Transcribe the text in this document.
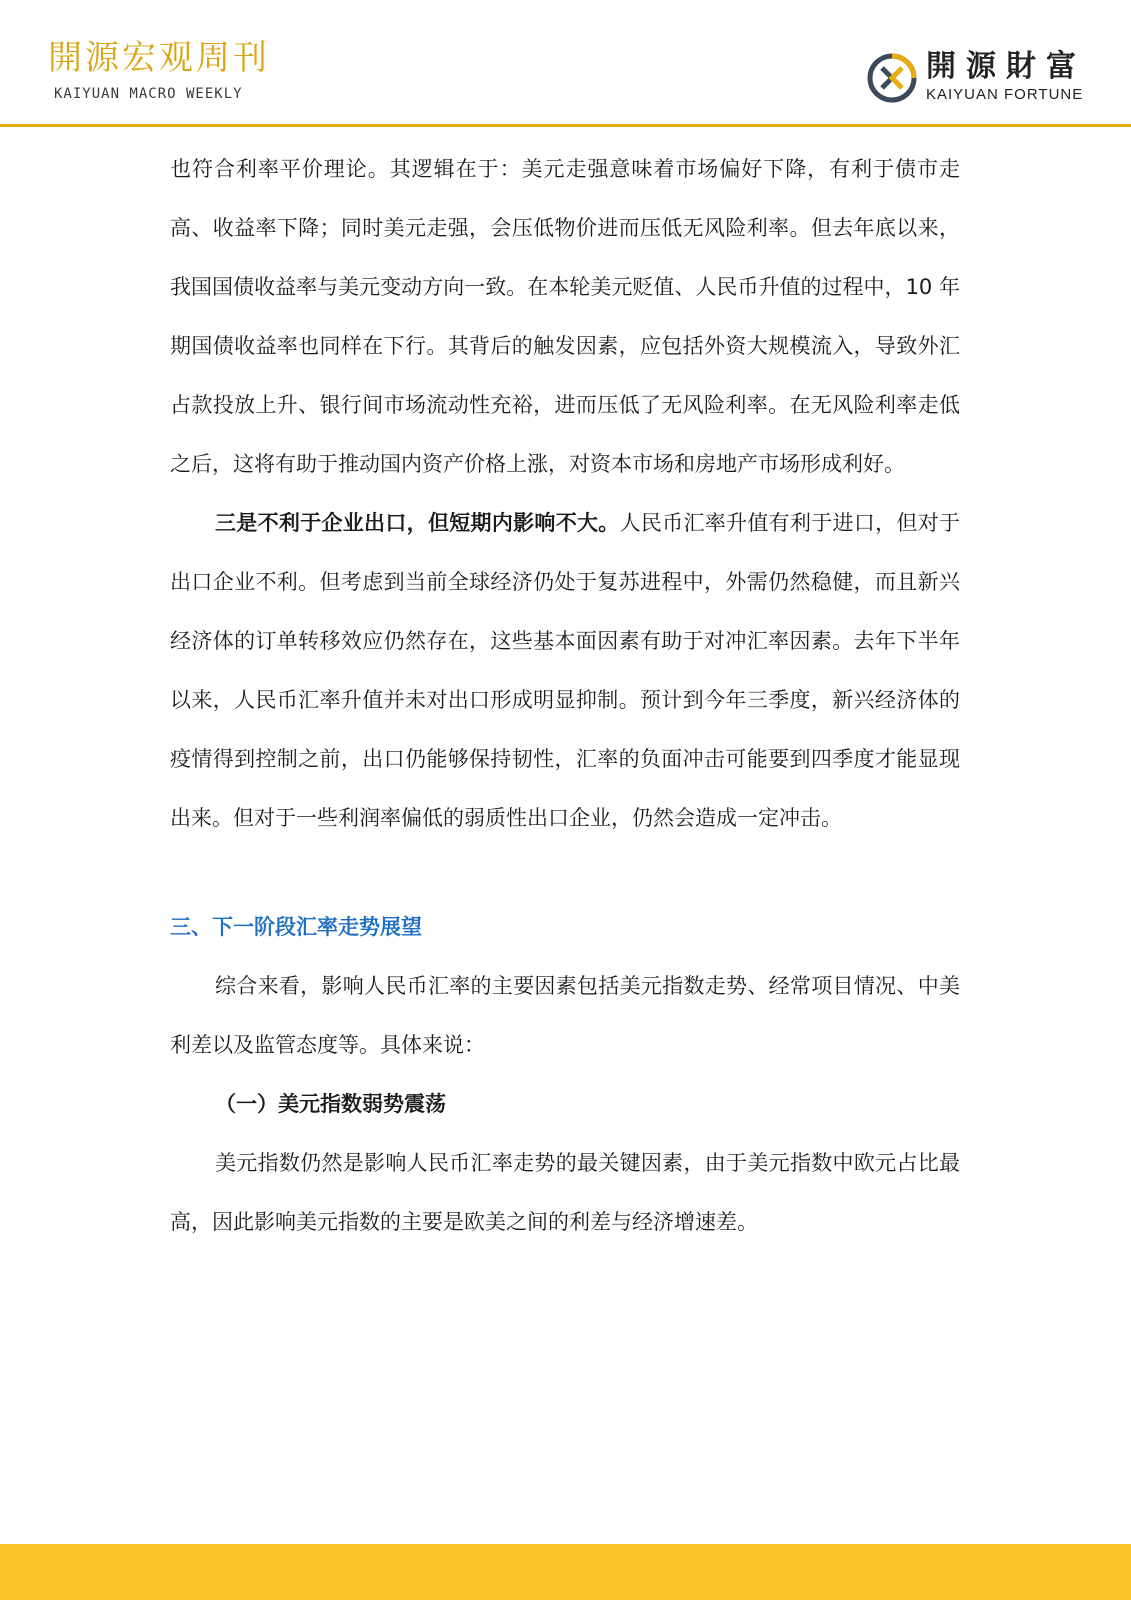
開源宏观周刊
KAIYUAN MACRO WEEKLY
開源財富
KAIYUAN FORTUNE

也符合利率平价理论。其逻辑在于：美元走强意味着市场偏好下降，有利于债市走高、收益率下降；同时美元走强，会压低物价进而压低无风险利率。但去年底以来，我国国债收益率与美元变动方向一致。在本轮美元贬值、人民币升值的过程中，10 年期国债收益率也同样在下行。其背后的触发因素，应包括外资大规模流入，导致外汇占款投放上升、银行间市场流动性充裕，进而压低了无风险利率。在无风险利率走低之后，这将有助于推动国内资产价格上涨，对资本市场和房地产市场形成利好。

三是不利于企业出口，但短期内影响不大。人民币汇率升值有利于进口，但对于出口企业不利。但考虑到当前全球经济仍处于复苏进程中，外需仍然稳健，而且新兴经济体的订单转移效应仍然存在，这些基本面因素有助于对冲汇率因素。去年下半年以来，人民币汇率升值并未对出口形成明显抑制。预计到今年三季度，新兴经济体的疫情得到控制之前，出口仍能够保持韧性，汇率的负面冲击可能要到四季度才能显现出来。但对于一些利润率偏低的弱质性出口企业，仍然会造成一定冲击。

三、下一阶段汇率走势展望

综合来看，影响人民币汇率的主要因素包括美元指数走势、经常项目情况、中美利差以及监管态度等。具体来说：

（一）美元指数弱势震荡

美元指数仍然是影响人民币汇率走势的最关键因素，由于美元指数中欧元占比最高，因此影响美元指数的主要是欧美之间的利差与经济增速差。
